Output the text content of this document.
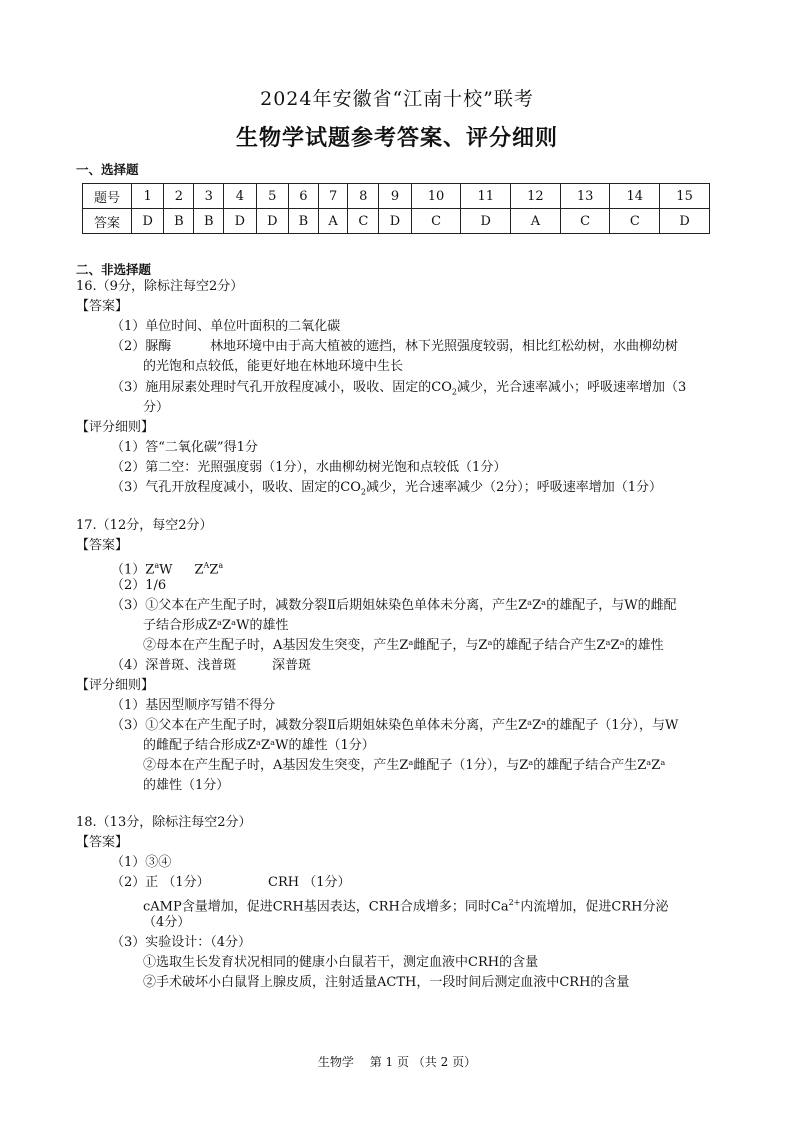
2024年安徽省“江南十校”联考
生物学试题参考答案、评分细则
一、选择题
题号	1	2	3	4	5	6	7	8	9	10	11	12	13	14	15
答案	D	B	B	D	D	B	A	C	D	C	D	A	C	C	D
二、非选择题
16.（9分，除标注每空2分）
【答案】
（1）单位时间、单位叶面积的二氧化碳
（2）脲酶	林地环境中由于高大植被的遮挡，林下光照强度较弱，相比红松幼树，水曲柳幼树
的光饱和点较低，能更好地在林地环境中生长
（3）施用尿素处理时气孔开放程度减小，吸收、固定的$CO_2$减少，光合速率减小；呼吸速率增加（3
分）
【评分细则】
（1）答“二氧化碳”得1分
（2）第二空：光照强度弱（1分），水曲柳幼树光饱和点较低（1分）
（3）气孔开放程度减小，吸收、固定的$CO_2$减少，光合速率减少（2分）；呼吸速率增加（1分）
17.（12分，每空2分）
【答案】
$(1)Z^aW$ $Z^AZ^a$
（2）1/6
（3）①父本在产生配子时，减数分裂Ⅱ后期姐妹染色单体未分离，产生ZᵃZᵃ的雄配子，与W的雌配
子结合形成ZᵃZᵃW的雄性
②母本在产生配子时，A基因发生突变，产生Zᵃ雌配子，与Zᵃ的雄配子结合产生ZᵃZᵃ的雄性
（4）深普斑、浅普斑	深普斑
【评分细则】
（1）基因型顺序写错不得分
（3）①父本在产生配子时，减数分裂Ⅱ后期姐妹染色单体未分离，产生ZᵃZᵃ的雄配子（1分），与W
的雌配子结合形成ZᵃZᵃW的雄性（1分）
②母本在产生配子时，A基因发生突变，产生Zᵃ雌配子（1分），与Zᵃ的雄配子结合产生ZᵃZᵃ
的雄性（1分）
18.（13分，除标注每空2分）
【答案】
（1）③④
（2）正 （1分）	CRH （1分）
cAMP含量增加，促进CRH基因表达，CRH合成增多；同时$Ca^{2+}$内流增加，促进CRH分泌
（4分）
（3）实验设计：（4分）
①选取生长发育状况相同的健康小白鼠若干，测定血液中CRH的含量
②手术破坏小白鼠肾上腺皮质，注射适量ACTH，一段时间后测定血液中CRH的含量
生物学　 第 1 页 （共 2 页）
